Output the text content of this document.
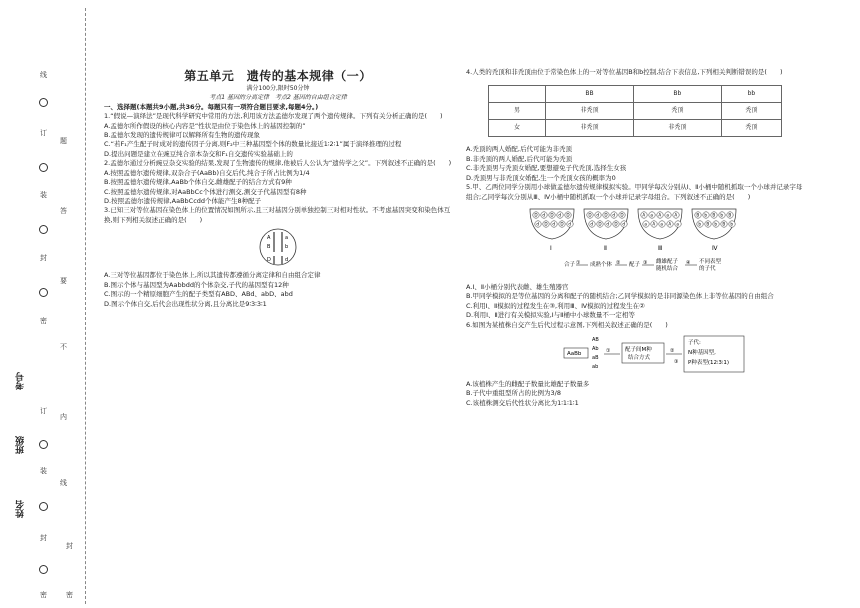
线
订
题
答
要
不
内
线
装
封
密
订
装
封
密
封
密
考号
班级
姓名

第五单元　遗传的基本规律（一）

满分100分,限时50分钟

考点1 基因的分离定律　考点2 基因的自由组合定律

一、选择题(本题共9小题,共36分。每题只有一项符合题目要求,每题4分。)

1.“假说—演绎法”是现代科学研究中常用的方法,利用该方法孟德尔发现了两个遗传规律。下列有关分析正确的是(　　)

A.孟德尔所作假设的核心内容是“性状是由位于染色体上的基因控制的”

B.孟德尔发现的遗传规律可以解释所有生物的遗传现象

C.“若F₁产生配子时成对的遗传因子分离,则F₂中三种基因型个体的数量比接近1∶2∶1”属于演绎推理的过程

D.提出问题是建立在豌豆纯合亲本杂交和F₁自交遗传实验基础上的

2.孟德尔通过分析豌豆杂交实验的结果,发现了生物遗传的规律,他被后人公认为“遗传学之父”。下列叙述不正确的是(　　)

A.按照孟德尔遗传规律,双杂合子(AaBb)自交后代,纯合子所占比例为1/4

B.按照孟德尔遗传规律,AaBb个体自交,雌雄配子的结合方式有9种

C.按照孟德尔遗传规律,对AaBbCc个体进行测交,测交子代基因型有8种

D.按照孟德尔遗传规律,AaBbCcdd个体能产生8种配子

3.已知三对等位基因在染色体上的位置情况如图所示,且三对基因分别单独控制三对相对性状。不考虑基因突变和染色体互换,则下列相关叙述正确的是(　　)

A	a
B	b
D	d

A.三对等位基因都位于染色体上,所以其遗传都遵循分离定律和自由组合定律

B.图示个体与基因型为Aabbdd的个体杂交,子代的基因型有12种

C.图示的一个精原细胞产生的配子类型有ABD、ABd、abD、abd

D.图示个体自交,后代会出现性状分离,且分离比是9∶3∶3∶1

4.人类的秃顶和非秃顶由位于常染色体上的一对等位基因B和b控制,结合下表信息,下列相关判断错误的是(　　)

	BB	Bb	bb
男	非秃顶	秃顶	秃顶
女	非秃顶	非秃顶	秃顶

A.秃顶的两人婚配,后代可能为非秃顶

B.非秃顶的两人婚配,后代可能为秃顶

C.非秃顶男与秃顶女婚配,要想避免子代秃顶,选择生女孩

D.秃顶男与非秃顶女婚配,生一个秃顶女孩的概率为0

5.甲、乙两位同学分别用小球做孟德尔遗传规律模拟实验。甲同学每次分别从Ⅰ、Ⅱ小桶中随机抓取一个小球并记录字母组合;乙同学每次分别从Ⅲ、Ⅳ小桶中随机抓取一个小球并记录字母组合。下列叙述不正确的是(　　)

D d D d D
d D d D d
Ⅰ
D d D d D
d D d D d
Ⅱ
A a A a A
a A a A a
Ⅲ
B b B b B
b B b B b
Ⅳ
合子 ① 成熟个体 ② 配子 ③ 雌雄配子
随机结合
④ 不同表型
的子代

A.Ⅰ、Ⅱ小桶分别代表雌、雄生殖器官

B.甲同学模拟的是等位基因的分离和配子的随机结合;乙同学模拟的是非同源染色体上非等位基因的自由组合

C.利用Ⅰ、Ⅱ模拟的过程发生在③,利用Ⅲ、Ⅳ模拟的过程发生在②

D.利用Ⅰ、Ⅱ进行有关模拟实验,Ⅰ与Ⅱ桶中小球数量不一定相等

6.如图为某植株自交产生后代过程示意图,下列相关叙述正确的是(　　)

AaBb
AB
Ab
aB
ab
①	配子间M种
结合方式
②
子代:
N种基因型,
P种表型(12∶3∶1)
③

A.该植株产生的雌配子数量比雄配子数量多

B.子代中重组型所占的比例为3/8

C.该植株测交后代性状分离比为1∶1∶1∶1
